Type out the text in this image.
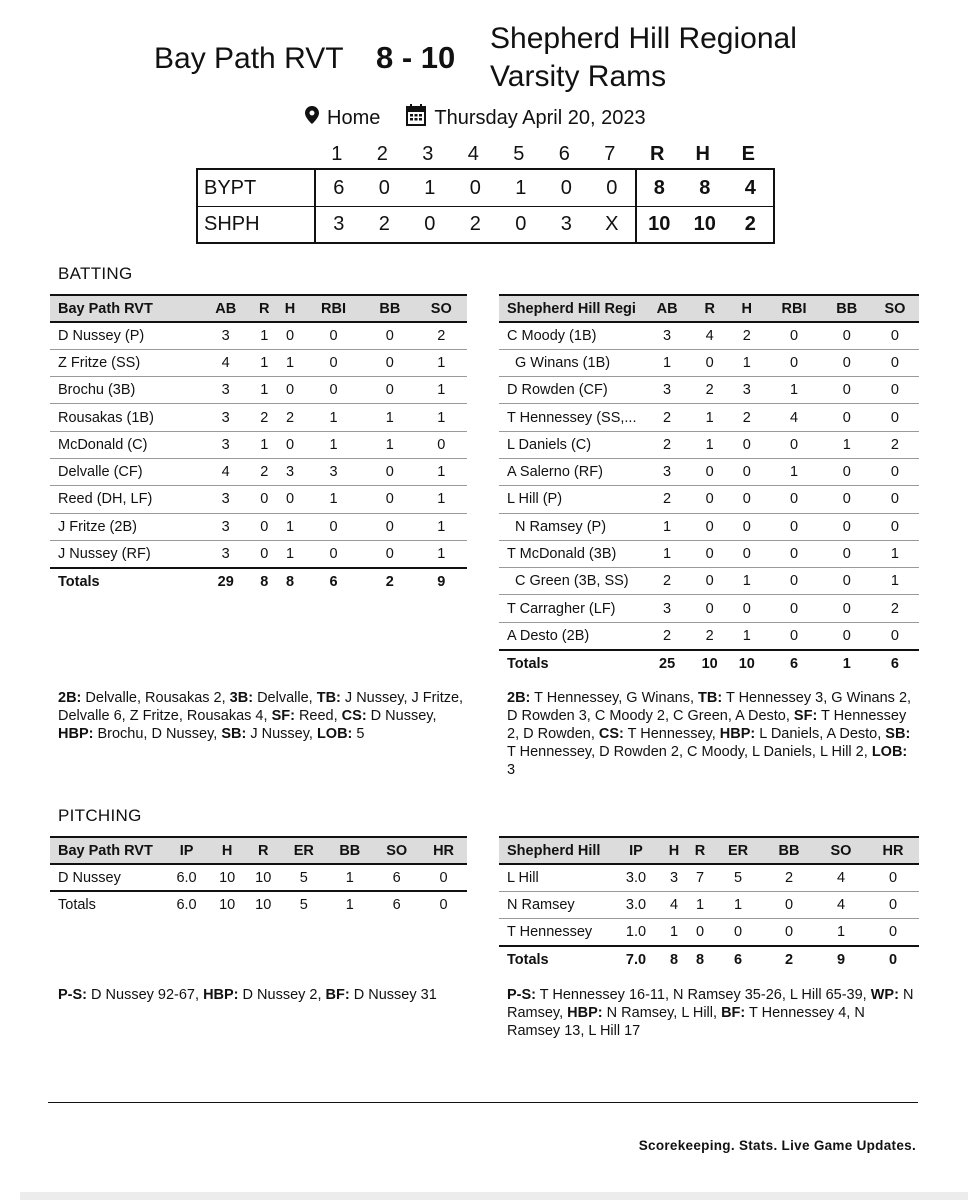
Bay Path RVT 8 - 10
Shepherd Hill Regional
Varsity Rams
Home	Thursday April 20, 2023
1	2	3	4	5	6	7	R	H	E
BYPT	6	0	1	0	1	0	0	8	8	4
SHPH	3	2	0	2	0	3	X	10	10	2
BATTING
Bay Path RVT	AB	R	H	RBI	BB	SO
D Nussey (P)	3	1	0	0	0	2
Z Fritze (SS)	4	1	1	0	0	1
Brochu (3B)	3	1	0	0	0	1
Rousakas (1B)	3	2	2	1	1	1
McDonald (C)	3	1	0	1	1	0
Delvalle (CF)	4	2	3	3	0	1
Reed (DH, LF)	3	0	0	1	0	1
J Fritze (2B)	3	0	1	0	0	1
J Nussey (RF)	3	0	1	0	0	1
Totals	29	8	8	6	2	9
Shepherd Hill Regi	AB	R	H	RBI	BB	SO
C Moody (1B)	3	4	2	0	0	0
G Winans (1B)	1	0	1	0	0	0
D Rowden (CF)	3	2	3	1	0	0
T Hennessey (SS,...	2	1	2	4	0	0
L Daniels (C)	2	1	0	0	1	2
A Salerno (RF)	3	0	0	1	0	0
L Hill (P)	2	0	0	0	0	0
N Ramsey (P)	1	0	0	0	0	0
T McDonald (3B)	1	0	0	0	0	1
C Green (3B, SS)	2	0	1	0	0	1
T Carragher (LF)	3	0	0	0	0	2
A Desto (2B)	2	2	1	0	0	0
Totals	25	10	10	6	1	6
2B: Delvalle, Rousakas 2, 3B: Delvalle, TB: J Nussey, J Fritze, Delvalle 6, Z Fritze, Rousakas 4, SF: Reed, CS: D Nussey, HBP: Brochu, D Nussey, SB: J Nussey, LOB: 5
2B: T Hennessey, G Winans, TB: T Hennessey 3, G Winans 2, D Rowden 3, C Moody 2, C Green, A Desto, SF: T Hennessey 2, D Rowden, CS: T Hennessey, HBP: L Daniels, A Desto, SB: T Hennessey, D Rowden 2, C Moody, L Daniels, L Hill 2, LOB: 3
PITCHING
Bay Path RVT	IP	H	R	ER	BB	SO	HR
D Nussey	6.0	10	10	5	1	6	0
Totals	6.0	10	10	5	1	6	0
Shepherd Hill	IP	H	R	ER	BB	SO	HR
L Hill	3.0	3	7	5	2	4	0
N Ramsey	3.0	4	1	1	0	4	0
T Hennessey	1.0	1	0	0	0	1	0
Totals	7.0	8	8	6	2	9	0
P-S: D Nussey 92-67, HBP: D Nussey 2, BF: D Nussey 31	P-S: T Hennessey 16-11, N Ramsey 35-26, L Hill 65-39, WP: N Ramsey, HBP: N Ramsey, L Hill, BF: T Hennessey 4, N Ramsey 13, L Hill 17
Scorekeeping. Stats. Live Game Updates.
